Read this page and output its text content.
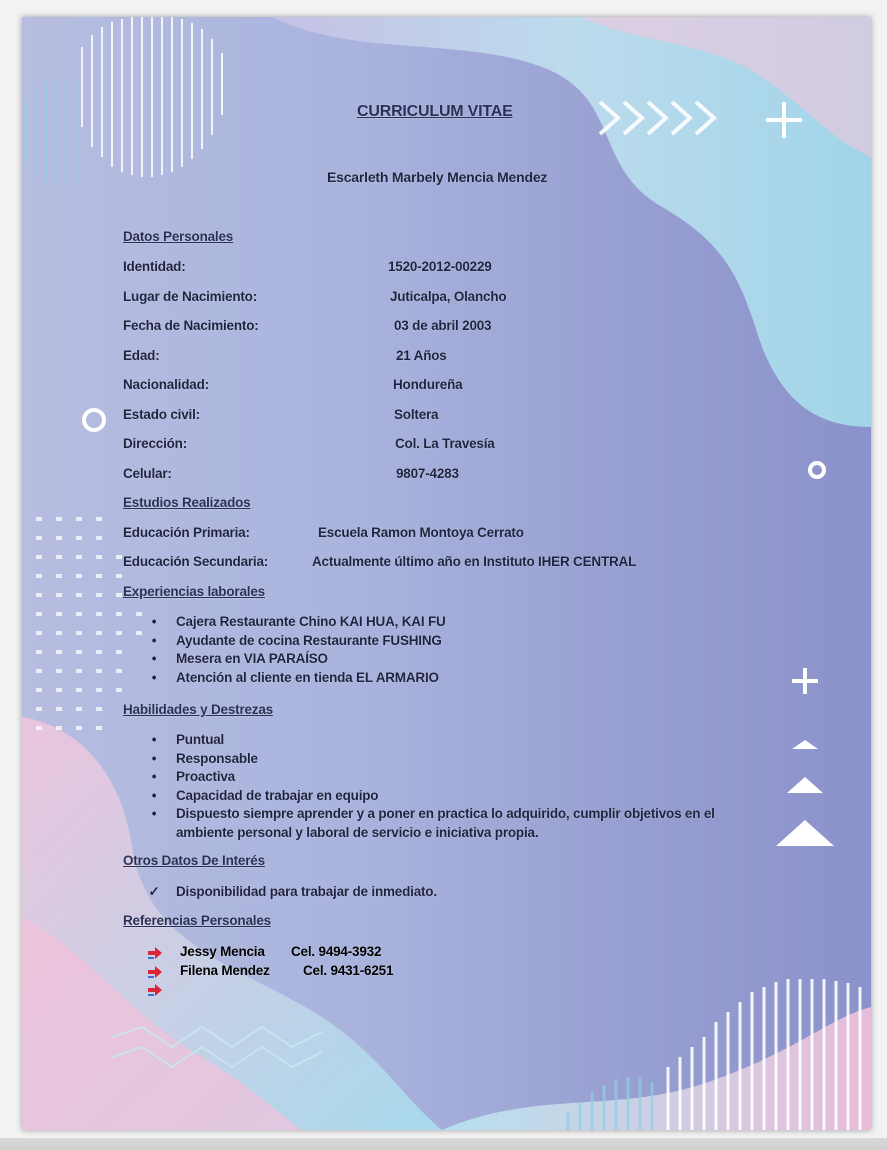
CURRICULUM VITAE
Escarleth Marbely Mencia Mendez
Datos Personales
Identidad:	1520-2012-00229
Lugar de Nacimiento:	Juticalpa, Olancho
Fecha de Nacimiento:	03 de abril 2003
Edad:	21 Años
Nacionalidad:	Hondureña
Estado civil:	Soltera
Dirección:	Col. La Travesía
Celular:	9807-4283
Estudios Realizados
Educación Primaria:	Escuela Ramon Montoya Cerrato
Educación Secundaria:	Actualmente último año en Instituto IHER CENTRAL
Experiencias laborales
•	Cajera Restaurante Chino KAI HUA, KAI FU
•	Ayudante de cocina Restaurante FUSHING
•	Mesera en VIA PARAÍSO
•	Atención al cliente en tienda EL ARMARIO
Habilidades y Destrezas
•	Puntual
•	Responsable
•	Proactiva
•	Capacidad de trabajar en equipo
•	Dispuesto siempre aprender y a poner en practica lo adquirido, cumplir objetivos en el
ambiente personal y laboral de servicio e iniciativa propia.
Otros Datos De Interés
✓	Disponibilidad para trabajar de inmediato.
Referencias Personales
Jessy Mencia Cel. 9494-3932
Filena Mendez Cel. 9431-6251
